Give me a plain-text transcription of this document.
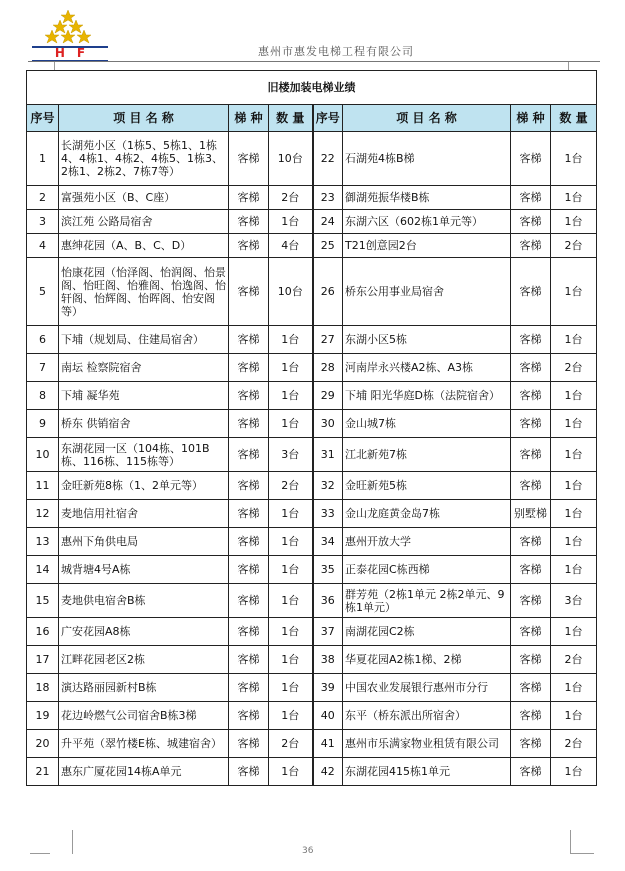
H　F	惠州市惠发电梯工程有限公司
旧楼加装电梯业绩							
序号	项 目 名 称	梯 种	数 量	序号	项 目 名 称	梯 种	数 量
1	长湖苑小区（1栋5、5栋1、1栋4、4栋1、4栋2、4栋5、1栋3、2栋1、2栋2、7栋7等）	客梯	10台	22	石湖苑4栋B梯	客梯	1台
2	富强苑小区（B、C座）	客梯	2台	23	御湖苑振华楼B栋	客梯	1台
3	滨江苑 公路局宿舍	客梯	1台	24	东湖六区（602栋1单元等）	客梯	1台
4	惠绅花园（A、B、C、D）	客梯	4台	25	T21创意园2台	客梯	2台
5	怡康花园（怡泽阁、怡润阁、怡景阁、怡旺阁、怡雅阁、怡逸阁、怡轩阁、怡辉阁、怡晖阁、怡安阁等）	客梯	10台	26	桥东公用事业局宿舍	客梯	1台
6	下埔（规划局、住建局宿舍）	客梯	1台	27	东湖小区5栋	客梯	1台
7	南坛 检察院宿舍	客梯	1台	28	河南岸永兴楼A2栋、A3栋	客梯	2台
8	下埔 凝华苑	客梯	1台	29	下埔 阳光华庭D栋（法院宿舍）	客梯	1台
9	桥东 供销宿舍	客梯	1台	30	金山城7栋	客梯	1台
10	东湖花园一区（104栋、101B栋、116栋、115栋等）	客梯	3台	31	江北新苑7栋	客梯	1台
11	金旺新苑8栋（1、2单元等）	客梯	2台	32	金旺新苑5栋	客梯	1台
12	麦地信用社宿舍	客梯	1台	33	金山龙庭黄金岛7栋	别墅梯	1台
13	惠州下角供电局	客梯	1台	34	惠州开放大学	客梯	1台
14	城背塘4号A栋	客梯	1台	35	正泰花园C栋西梯	客梯	1台
15	麦地供电宿舍B栋	客梯	1台	36	群芳苑（2栋1单元 2栋2单元、9栋1单元）	客梯	3台
16	广安花园A8栋	客梯	1台	37	南湖花园C2栋	客梯	1台
17	江畔花园老区2栋	客梯	1台	38	华夏花园A2栋1梯、2梯	客梯	2台
18	演达路丽园新村B栋	客梯	1台	39	中国农业发展银行惠州市分行	客梯	1台
19	花边岭燃气公司宿舍B栋3梯	客梯	1台	40	东平（桥东派出所宿舍）	客梯	1台
20	升平苑（翠竹楼E栋、城建宿舍）	客梯	2台	41	惠州市乐满家物业租赁有限公司	客梯	2台
21	惠东广厦花园14栋A单元	客梯	1台	42	东湖花园415栋1单元	客梯	1台
36
